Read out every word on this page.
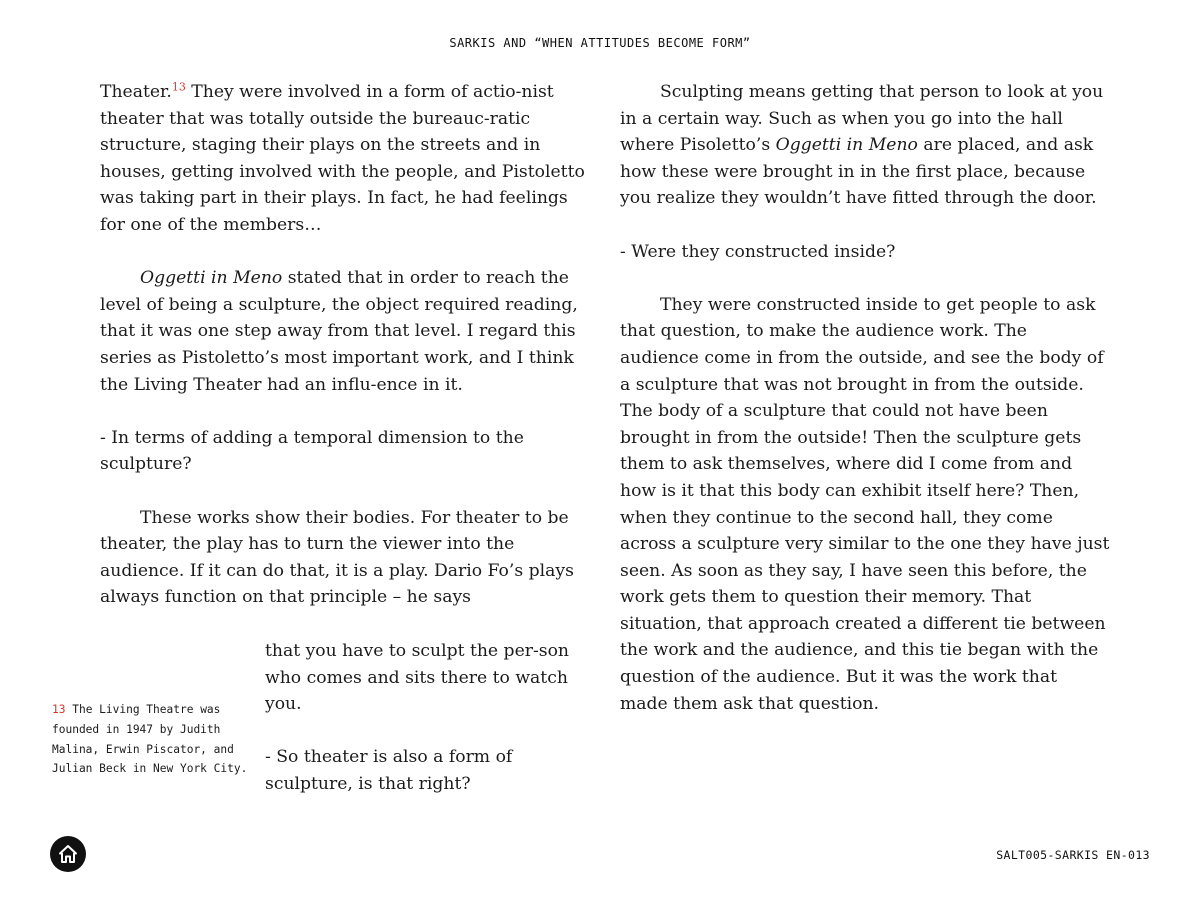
SARKIS AND “WHEN ATTITUDES BECOME FORM”

Theater.$^{13}$ They were involved in a form of actio-nist theater that was totally outside the bureauc-ratic structure, staging their plays on the streets and in houses, getting involved with the people, and Pistoletto was taking part in their plays. In fact, he had feelings for one of the members…

Oggetti in Meno stated that in order to reach the level of being a sculpture, the object required reading, that it was one step away from that level. I regard this series as Pistoletto’s most important work, and I think the Living Theater had an influ-ence in it.

- In terms of adding a temporal dimension to the sculpture?

These works show their bodies. For theater to be theater, the play has to turn the viewer into the audience. If it can do that, it is a play. Dario Fo’s plays always function on that principle – he says

that you have to sculpt the per-son who comes and sits there to watch you.

- So theater is also a form of sculpture, is that right?

13 The Living Theatre was founded in 1947 by Judith Malina, Erwin Piscator, and Julian Beck in New York City.

Sculpting means getting that person to look at you in a certain way. Such as when you go into the hall where Pisoletto’s Oggetti in Meno are placed, and ask how these were brought in in the first place, because you realize they wouldn’t have fitted through the door.

- Were they constructed inside?

They were constructed inside to get people to ask that question, to make the audience work. The audience come in from the outside, and see the body of a sculpture that was not brought in from the outside. The body of a sculpture that could not have been brought in from the outside! Then the sculpture gets them to ask themselves, where did I come from and how is it that this body can exhibit itself here? Then, when they continue to the second hall, they come across a sculpture very similar to the one they have just seen. As soon as they say, I have seen this before, the work gets them to question their memory. That situation, that approach created a different tie between the work and the audience, and this tie began with the question of the audience. But it was the work that made them ask that question.

SALT005-SARKIS EN-013
